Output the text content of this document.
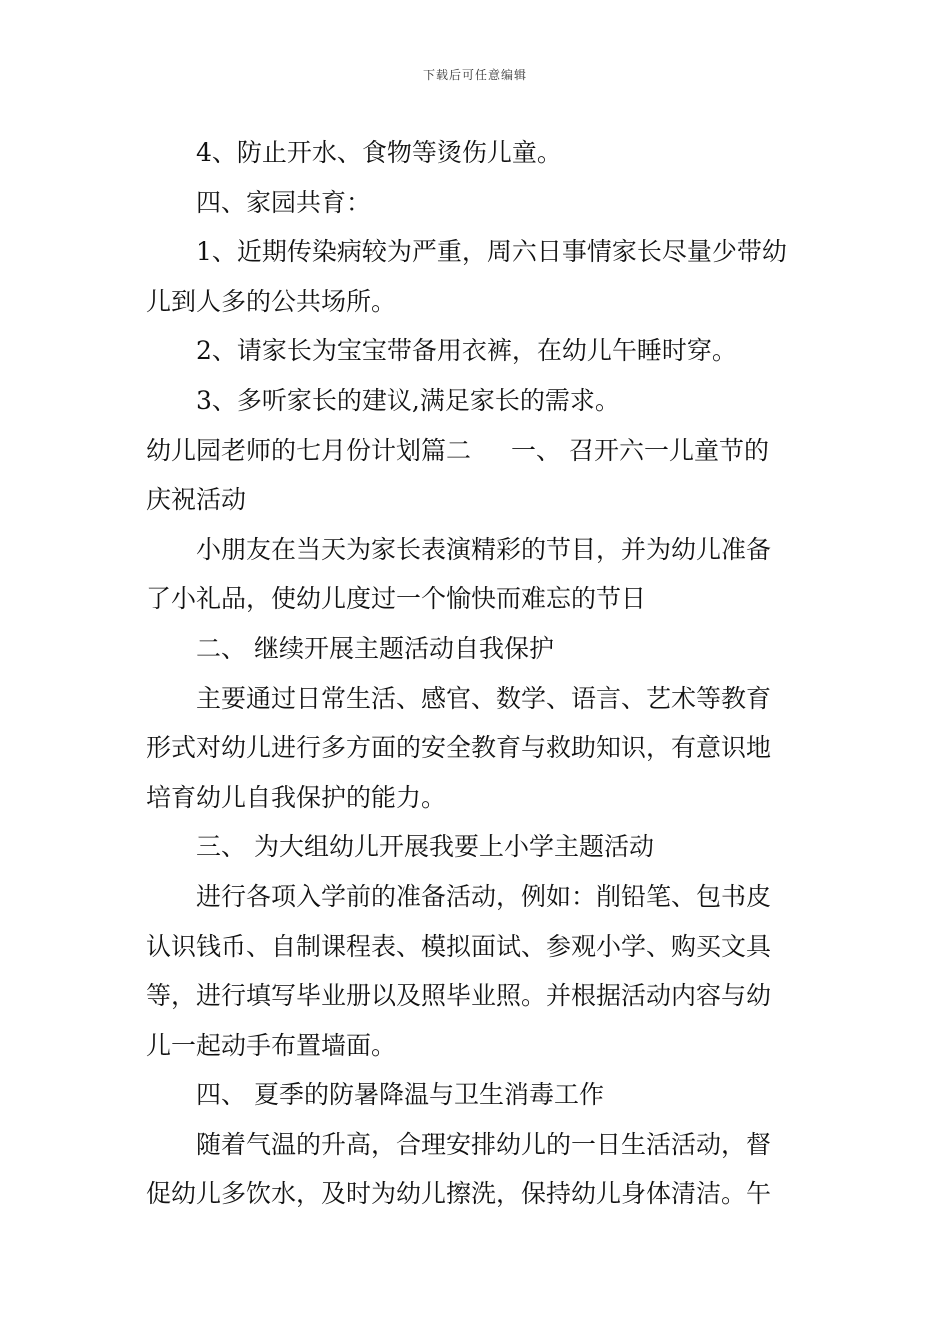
下载后可任意编辑
4、防止开水、食物等烫伤儿童。
四、家园共育：
1、近期传染病较为严重，周六日事情家长尽量少带幼
儿到人多的公共场所。
2、请家长为宝宝带备用衣裤，在幼儿午睡时穿。
3、多听家长的建议,满足家长的需求。
幼儿园老师的七月份计划篇二 一、 召开六一儿童节的
庆祝活动
小朋友在当天为家长表演精彩的节目，并为幼儿准备
了小礼品，使幼儿度过一个愉快而难忘的节日
二、 继续开展主题活动自我保护
主要通过日常生活、感官、数学、语言、艺术等教育
形式对幼儿进行多方面的安全教育与救助知识，有意识地
培育幼儿自我保护的能力。
三、 为大组幼儿开展我要上小学主题活动
进行各项入学前的准备活动，例如：削铅笔、包书皮
认识钱币、自制课程表、模拟面试、参观小学、购买文具
等，进行填写毕业册以及照毕业照。并根据活动内容与幼
儿一起动手布置墙面。
四、 夏季的防暑降温与卫生消毒工作
随着气温的升高，合理安排幼儿的一日生活活动，督
促幼儿多饮水，及时为幼儿擦洗，保持幼儿身体清洁。午
